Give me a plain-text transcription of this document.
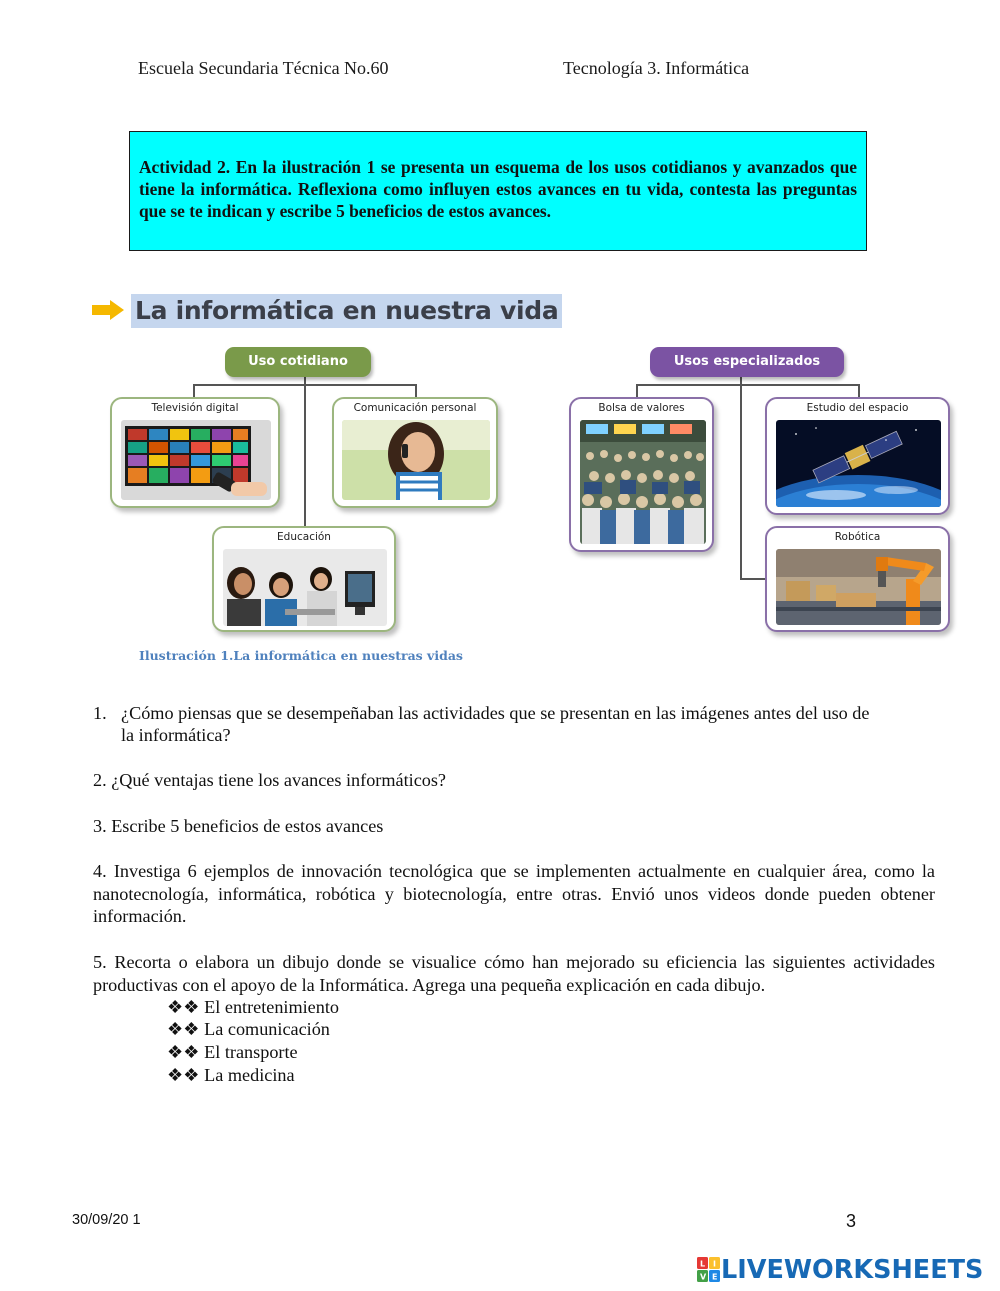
Escuela Secundaria Técnica No.60	Tecnología 3. Informática
Actividad 2. En la ilustración 1 se presenta un esquema de los usos cotidianos y avanzados que tiene la informática. Reflexiona como influyen estos avances en tu vida, contesta las preguntas que se te indican y escribe 5 beneficios de estos avances.
La informática en nuestra vida
Uso cotidiano	Usos especializados
Televisión digital	Comunicación personal
Educación
Bolsa de valores	Estudio del espacio
Robótica
Ilustración 1.La informática en nuestras vidas
1. ¿Cómo piensas que se desempeñaban las actividades que se presentan en las imágenes antes del uso de
la informática?
2. ¿Qué ventajas tiene los avances informáticos?
3. Escribe 5 beneficios de estos avances
4. Investiga 6 ejemplos de innovación tecnológica que se implementen actualmente en cualquier área, como la nanotecnología, informática, robótica y biotecnología, entre otras. Envió unos videos donde pueden obtener información.
5. Recorta o elabora un dibujo donde se visualice cómo han mejorado su eficiencia las siguientes actividades productivas con el apoyo de la Informática. Agrega una pequeña explicación en cada dibujo.
❖❖ El entretenimiento
❖❖ La comunicación
❖❖ El transporte
❖❖ La medicina
30/09/20 1	3
L I V E LIVEWORKSHEETS
